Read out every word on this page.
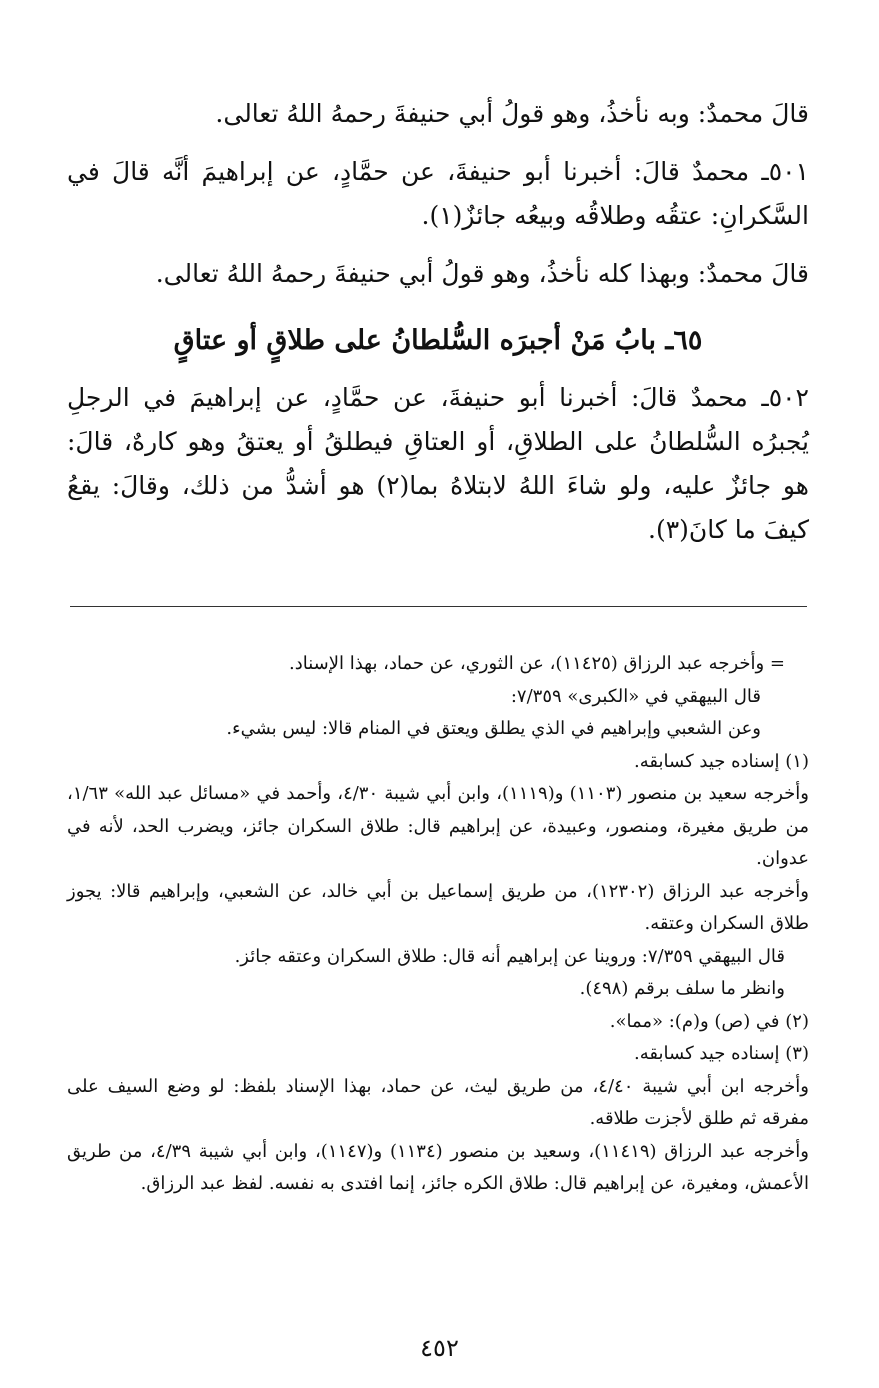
قالَ محمدٌ: وبه نأخذُ، وهو قولُ أبي حنيفةَ رحمهُ اللهُ تعالى.

٥٠١ـ محمدٌ قالَ: أخبرنا أبو حنيفةَ، عن حمَّادٍ، عن إبراهيمَ أنَّه قالَ في السَّكرانِ: عتقُه وطلاقُه وبيعُه جائزٌ(١).

قالَ محمدٌ: وبهذا كله نأخذُ، وهو قولُ أبي حنيفةَ رحمهُ اللهُ تعالى.

٦٥ـ بابُ مَنْ أجبرَه السُّلطانُ على طلاقٍ أو عتاقٍ

٥٠٢ـ محمدٌ قالَ: أخبرنا أبو حنيفةَ، عن حمَّادٍ، عن إبراهيمَ في الرجلِ يُجبرُه السُّلطانُ على الطلاقِ، أو العتاقِ فيطلقُ أو يعتقُ وهو كارهٌ، قالَ: هو جائزٌ عليه، ولو شاءَ اللهُ لابتلاهُ بما(٢) هو أشدُّ من ذلك، وقالَ: يقعُ كيفَ ما كانَ(٣).

= وأخرجه عبد الرزاق (١١٤٢٥)، عن الثوري، عن حماد، بهذا الإسناد.

قال البيهقي في «الكبرى» ٧/٣٥٩:

وعن الشعبي وإبراهيم في الذي يطلق ويعتق في المنام قالا: ليس بشيء.

(١) إسناده جيد كسابقه.

وأخرجه سعيد بن منصور (١١٠٣) و(١١١٩)، وابن أبي شيبة ٤/٣٠، وأحمد في «مسائل عبد الله» ١/٦٣، من طريق مغيرة، ومنصور، وعبيدة، عن إبراهيم قال: طلاق السكران جائز، ويضرب الحد، لأنه في عدوان.

وأخرجه عبد الرزاق (١٢٣٠٢)، من طريق إسماعيل بن أبي خالد، عن الشعبي، وإبراهيم قالا: يجوز طلاق السكران وعتقه.

قال البيهقي ٧/٣٥٩: وروينا عن إبراهيم أنه قال: طلاق السكران وعتقه جائز.

وانظر ما سلف برقم (٤٩٨).

(٢) في (ص) و(م): «مما».

(٣) إسناده جيد كسابقه.

وأخرجه ابن أبي شيبة ٤/٤٠، من طريق ليث، عن حماد، بهذا الإسناد بلفظ: لو وضع السيف على مفرقه ثم طلق لأجزت طلاقه.

وأخرجه عبد الرزاق (١١٤١٩)، وسعيد بن منصور (١١٣٤) و(١١٤٧)، وابن أبي شيبة ٤/٣٩، من طريق الأعمش، ومغيرة، عن إبراهيم قال: طلاق الكره جائز، إنما افتدى به نفسه. لفظ عبد الرزاق.

٤٥٢
